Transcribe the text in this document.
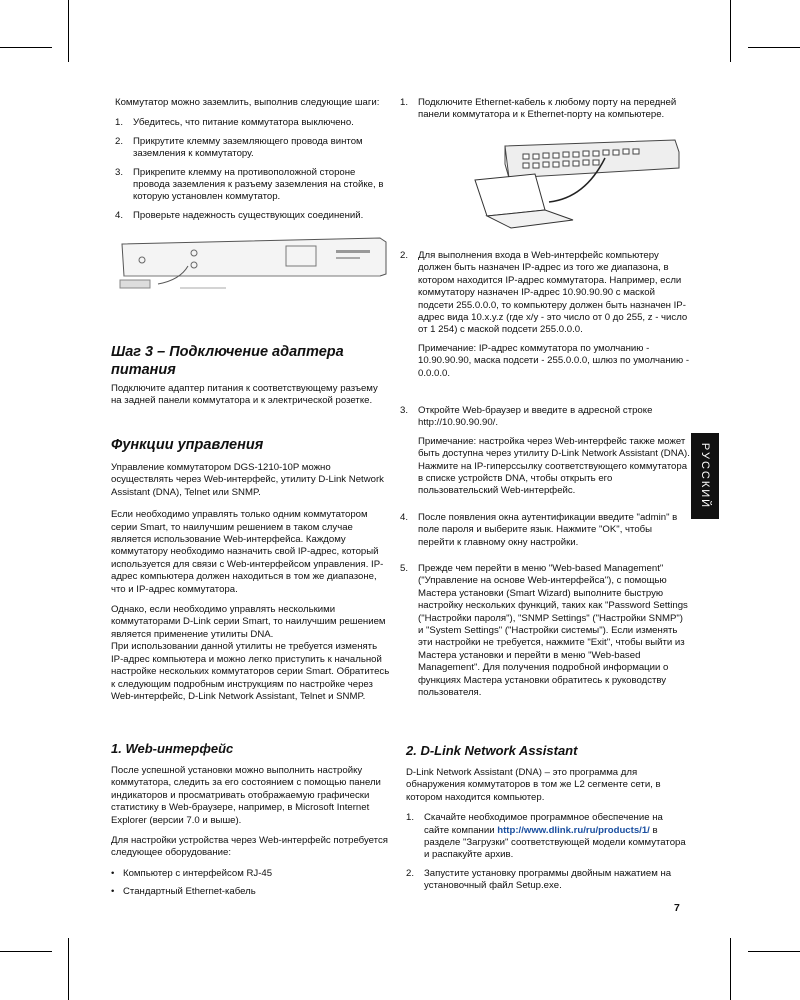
Коммутатор можно заземлить, выполнив следующие шаги:

1. Убедитесь, что питание коммутатора выключено.
2. Прикрутите клемму заземляющего провода винтом заземления к коммутатору.
3. Прикрепите клемму на противоположной стороне провода заземления к разъему заземления на стойке, в которую установлен коммутатор.
4. Проверьте надежность существующих соединений.
Шаг 3 – Подключение адаптера питания

Подключите адаптер питания к соответствующему разъему на задней панели коммутатора и к электрической розетке.

Функции управления

Управление коммутатором DGS-1210-10P можно осуществлять через Web-интерфейс, утилиту D-Link Network Assistant (DNA), Telnet или SNMP.

Если необходимо управлять только одним коммутатором серии Smart, то наилучшим решением в таком случае является использование Web-интерфейса. Каждому коммутатору необходимо назначить свой IP-адрес, который используется для связи с Web-интерфейсом управления. IP-адрес компьютера должен находиться в том же диапазоне, что и IP-адрес коммутатора.

Однако, если необходимо управлять несколькими коммутаторами D-Link серии Smart, то наилучшим решением является применение утилиты DNA.

При использовании данной утилиты не требуется изменять IP-адрес компьютера и можно легко приступить к начальной настройке нескольких коммутаторов серии Smart. Обратитесь к следующим подробным инструкциям по настройке через Web-интерфейс, D-Link Network Assistant, Telnet и SNMP.

1. Web-интерфейс

После успешной установки можно выполнить настройку коммутатора, следить за его состоянием с помощью панели индикаторов и просматривать отображаемую графически статистику в Web-браузере, например, в Microsoft Internet Explorer (версии 7.0 и выше).

Для настройки устройства через Web-интерфейс потребуется следующее оборудование:

• Компьютер с интерфейсом RJ-45
• Стандартный Ethernet-кабель
1. Подключите Ethernet-кабель к любому порту на передней панели коммутатора и к Ethernet-порту на компьютере.
2. Для выполнения входа в Web-интерфейс компьютеру должен быть назначен IP-адрес из того же диапазона, в котором находится IP-адрес коммутатора. Например, если коммутатору назначен IP-адрес 10.90.90.90 с маской подсети 255.0.0.0, то компьютеру должен быть назначен IP-адрес вида 10.x.y.z (где x/y - это число от 0 до 255, z - число от 1 254) с маской подсети 255.0.0.0.

Примечание: IP-адрес коммутатора по умолчанию - 10.90.90.90, маска подсети - 255.0.0.0, шлюз по умолчанию - 0.0.0.0.

3. Откройте Web-браузер и введите в адресной строке http://10.90.90.90/.

Примечание: настройка через Web-интерфейс также может быть доступна через утилиту D-Link Network Assistant (DNA). Нажмите на IP-гиперссылку соответствующего коммутатора в списке устройств DNA, чтобы открыть его пользовательский Web-интерфейс.

4. После появления окна аутентификации введите "admin" в поле пароля и выберите язык. Нажмите "OK", чтобы перейти к главному окну настройки.
5. Прежде чем перейти в меню "Web-based Management" ("Управление на основе Web-интерфейса"), с помощью Мастера установки (Smart Wizard) выполните быструю настройку нескольких функций, таких как "Password Settings ("Настройки пароля"), "SNMP Settings" ("Настройки SNMP") и "System Settings" ("Настройки системы"). Если изменять эти настройки не требуется, нажмите "Exit", чтобы выйти из Мастера установки и перейти в меню "Web-based Management". Для получения подробной информации о функциях Мастера установки обратитесь к руководству пользователя.
2. D-Link Network Assistant

D-Link Network Assistant (DNA) – это программа для обнаружения коммутаторов в том же L2 сегменте сети, в котором находится компьютер.

1. Скачайте необходимое программное обеспечение на сайте компании http://www.dlink.ru/ru/products/1/ в разделе "Загрузки" соответствующей модели коммутатора и распакуйте архив.
2. Запустите установку программы двойным нажатием на установочный файл Setup.exe.
РУССКИЙ
7
